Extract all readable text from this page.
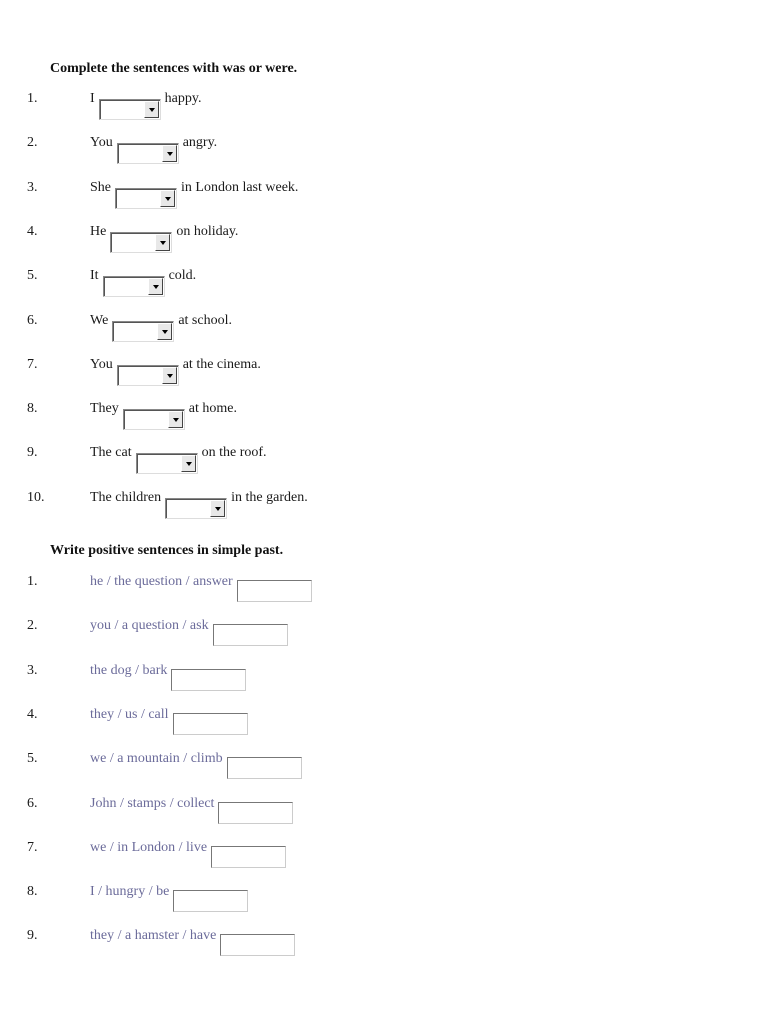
Complete the sentences with was or were.
1.	I	happy.
2.	You	angry.
3.	She	in London last week.
4.	He	on holiday.
5.	It	cold.
6.	We	at school.
7.	You	at the cinema.
8.	They	at home.
9.	The cat	on the roof.
10.	The children	in the garden.
Write positive sentences in simple past.
1.	he / the question / answer
2.	you / a question / ask
3.	the dog / bark
4.	they / us / call
5.	we / a mountain / climb
6.	John / stamps / collect
7.	we / in London / live
8.	I / hungry / be
9.	they / a hamster / have
